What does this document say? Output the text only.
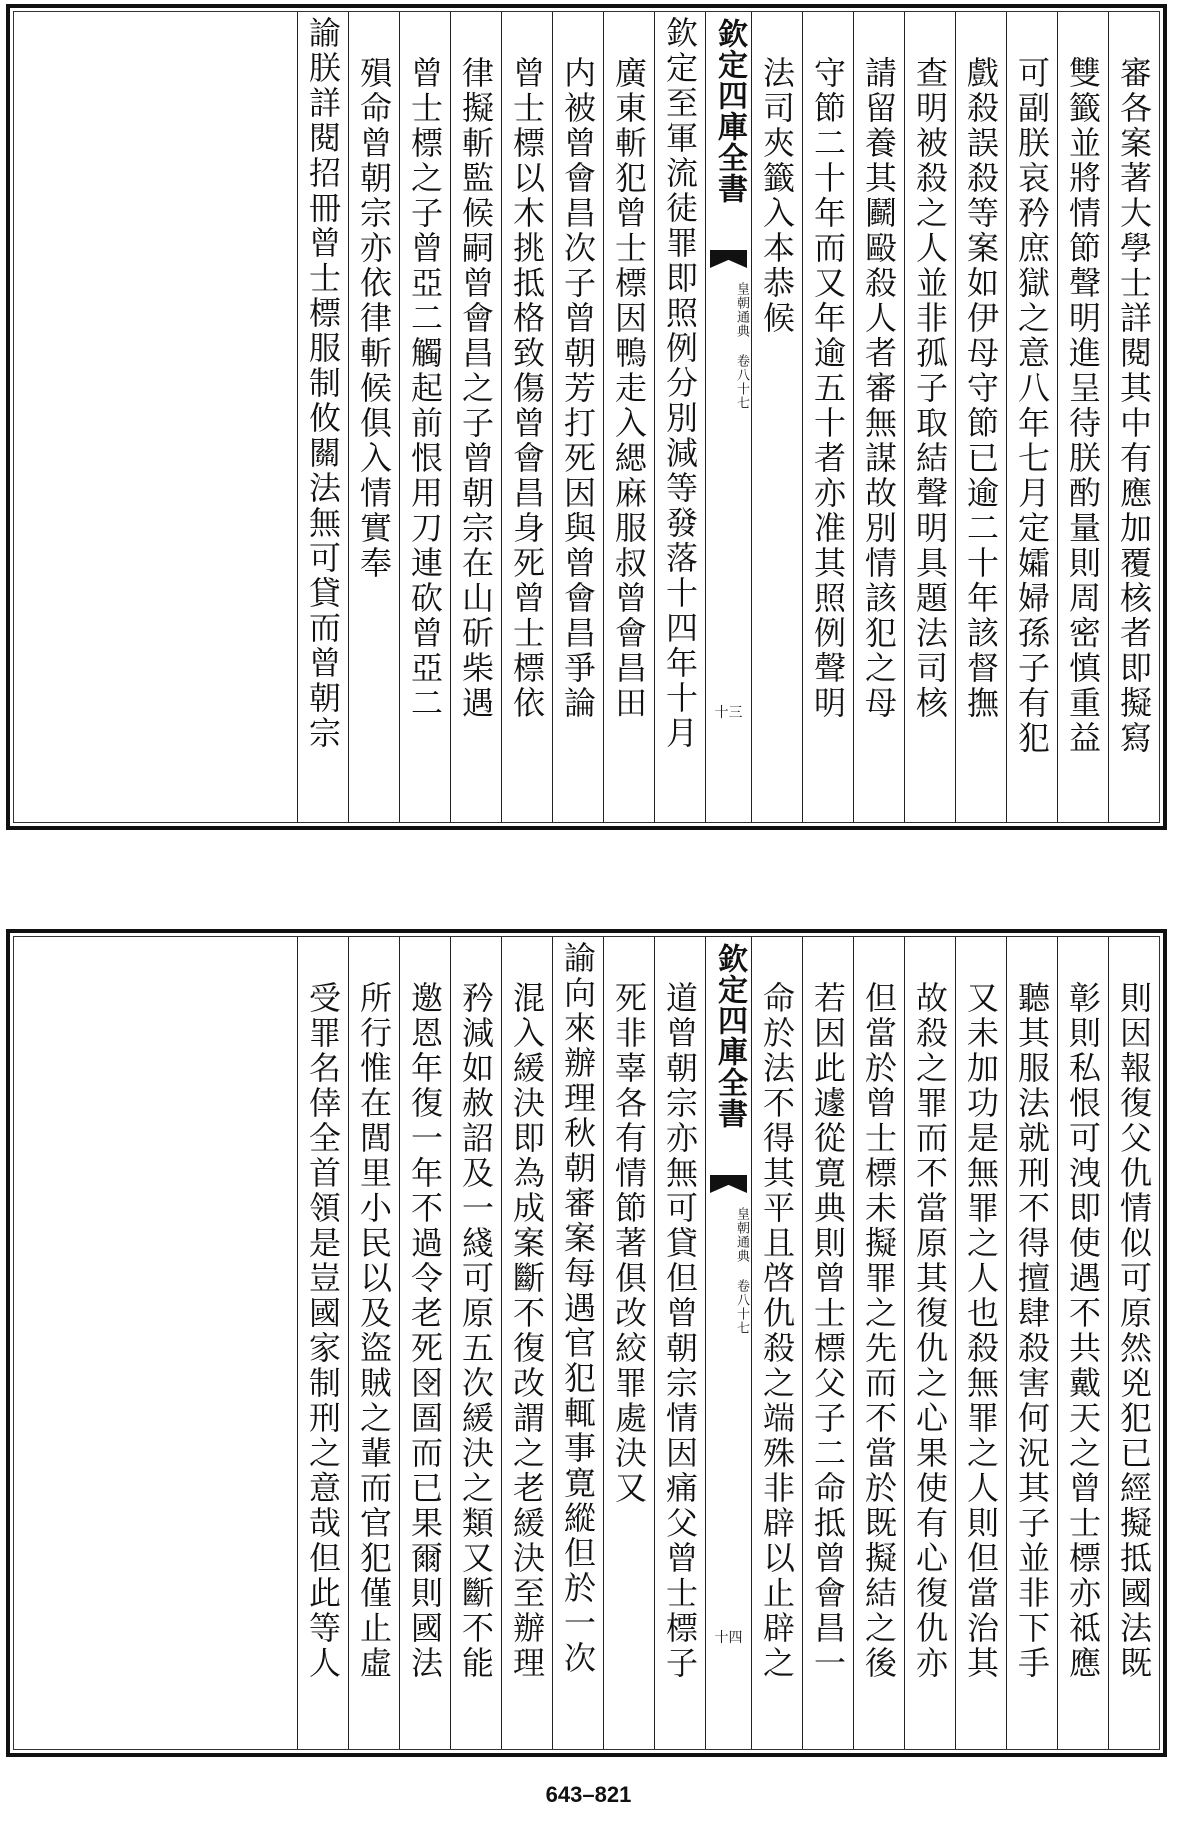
審各案著大學士詳閱其中有應加覆核者即擬寫
雙籤並將情節聲明進呈待朕酌量則周密慎重益
可副朕哀矜庶獄之意八年七月定孀婦孫子有犯
戲殺誤殺等案如伊母守節已逾二十年該督撫
查明被殺之人並非孤子取結聲明具題法司核
請留養其鬬毆殺人者審無謀故別情該犯之母
守節二十年而又年逾五十者亦准其照例聲明
法司夾籤入本恭候
欽定四庫全書
皇朝通典 卷八十七
十三
欽定至軍流徒罪即照例分別減等發落十四年十月
廣東斬犯曾士標因鴨走入緦麻服叔曾會昌田
内被曾會昌次子曾朝芳打死因與曾會昌爭論
曾士標以木挑抵格致傷曾會昌身死曾士標依
律擬斬監候嗣曾會昌之子曾朝宗在山斫柴遇
曾士標之子曾亞二觸起前恨用刀連砍曾亞二
殞命曾朝宗亦依律斬候俱入情實奉
諭朕詳閱招冊曾士標服制攸關法無可貸而曾朝宗
則因報復父仇情似可原然兇犯已經擬抵國法既
彰則私恨可洩即使遇不共戴天之曾士標亦祗應
聽其服法就刑不得擅肆殺害何況其子並非下手
又未加功是無罪之人也殺無罪之人則但當治其
故殺之罪而不當原其復仇之心果使有心復仇亦
但當於曾士標未擬罪之先而不當於既擬結之後
若因此遽從寛典則曾士標父子二命抵曾會昌一
命於法不得其平且啓仇殺之端殊非辟以止辟之
欽定四庫全書
皇朝通典 卷八十七
十四
道曾朝宗亦無可貸但曾朝宗情因痛父曾士標子
死非辜各有情節著俱改絞罪處決又
諭向來辦理秋朝審案每遇官犯輒事寛縱但於一次
混入緩決即為成案斷不復改謂之老緩決至辦理
矜減如赦詔及一綫可原五次緩決之類又斷不能
邀恩年復一年不過令老死囹圄而已果爾則國法
所行惟在閭里小民以及盜賊之輩而官犯僅止虛
受罪名倖全首領是豈國家制刑之意哉但此等人
643–821
